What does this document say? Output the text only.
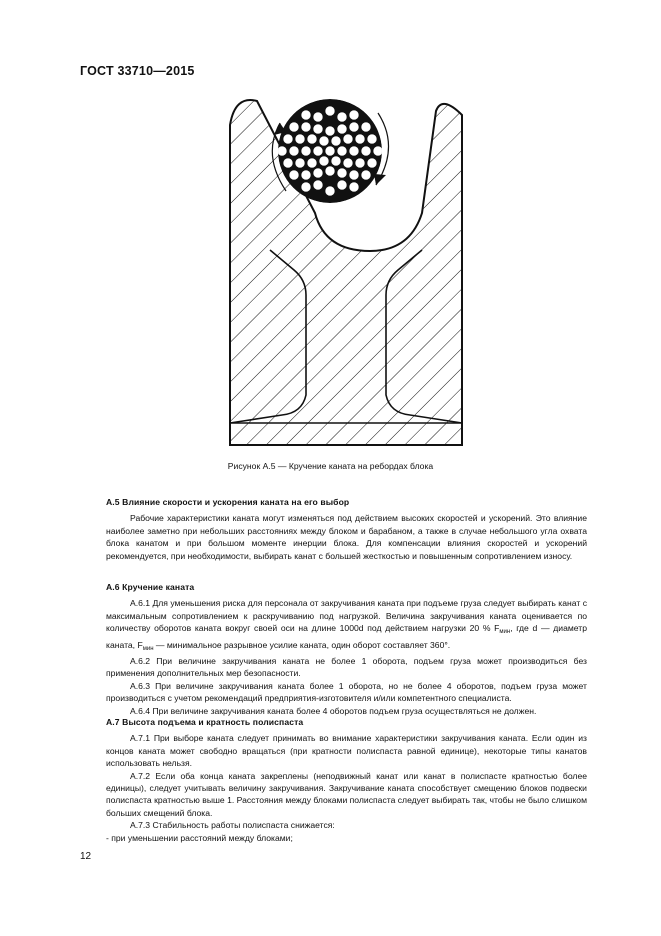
ГОСТ 33710—2015
Рисунок А.5 — Кручение каната на ребордах блока
А.5 Влияние скорости и ускорения каната на его выбор

Рабочие характеристики каната могут изменяться под действием высоких скоростей и ускорений. Это влияние наиболее заметно при небольших расстояниях между блоком и барабаном, а также в случае небольшого угла охвата блока канатом и при большом моменте инерции блока. Для компенсации влияния скоростей и ускорений рекомендуется, при необходимости, выбирать канат с большей жесткостью и повышенным сопротивлением износу.

А.6 Кручение каната

А.6.1 Для уменьшения риска для персонала от закручивания каната при подъеме груза следует выбирать канат с максимальным сопротивлением к раскручиванию под нагрузкой. Величина закручивания каната оценивается по количеству оборотов каната вокруг своей оси на длине 1000d под действием нагрузки 20 % $F_{мин}$, где d — диаметр каната, $F_{мин}$ — минимальное разрывное усилие каната, один оборот составляет 360°.

А.6.2 При величине закручивания каната не более 1 оборота, подъем груза может производиться без применения дополнительных мер безопасности.

А.6.3 При величине закручивания каната более 1 оборота, но не более 4 оборотов, подъем груза может производиться с учетом рекомендаций предприятия-изготовителя и/или компетентного специалиста.

А.6.4 При величине закручивания каната более 4 оборотов подъем груза осуществляться не должен.

А.7 Высота подъема и кратность полиспаста

А.7.1 При выборе каната следует принимать во внимание характеристики закручивания каната. Если один из концов каната может свободно вращаться (при кратности полиспаста равной единице), некоторые типы канатов использовать нельзя.

А.7.2 Если оба конца каната закреплены (неподвижный канат или канат в полиспасте кратностью более единицы), следует учитывать величину закручивания. Закручивание каната способствует смещению блоков подвески полиспаста кратностью выше 1. Расстояния между блоками полиспаста следует выбирать так, чтобы не было слишком больших смещений блока.

А.7.3 Стабильность работы полиспаста снижается:

- при уменьшении расстояний между блоками;

12
